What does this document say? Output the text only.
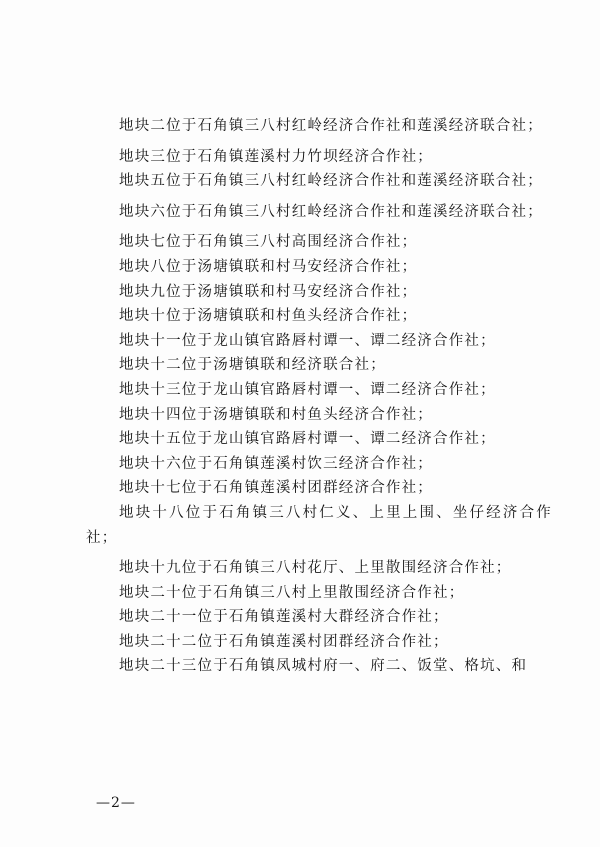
地块二位于石角镇三八村红岭经济合作社和莲溪经济联合社；

地块三位于石角镇莲溪村力竹坝经济合作社；

地块五位于石角镇三八村红岭经济合作社和莲溪经济联合社；

地块六位于石角镇三八村红岭经济合作社和莲溪经济联合社；

地块七位于石角镇三八村高围经济合作社；

地块八位于汤塘镇联和村马安经济合作社；

地块九位于汤塘镇联和村马安经济合作社；

地块十位于汤塘镇联和村鱼头经济合作社；

地块十一位于龙山镇官路唇村谭一、谭二经济合作社；

地块十二位于汤塘镇联和经济联合社；

地块十三位于龙山镇官路唇村谭一、谭二经济合作社；

地块十四位于汤塘镇联和村鱼头经济合作社；

地块十五位于龙山镇官路唇村谭一、谭二经济合作社；

地块十六位于石角镇莲溪村饮三经济合作社；

地块十七位于石角镇莲溪村团群经济合作社；

地块十八位于石角镇三八村仁义、上里上围、坐仔经济合作社；

地块十九位于石角镇三八村花厅、上里散围经济合作社；

地块二十位于石角镇三八村上里散围经济合作社；

地块二十一位于石角镇莲溪村大群经济合作社；

地块二十二位于石角镇莲溪村团群经济合作社；

地块二十三位于石角镇凤城村府一、府二、饭堂、格坑、和

—2—
